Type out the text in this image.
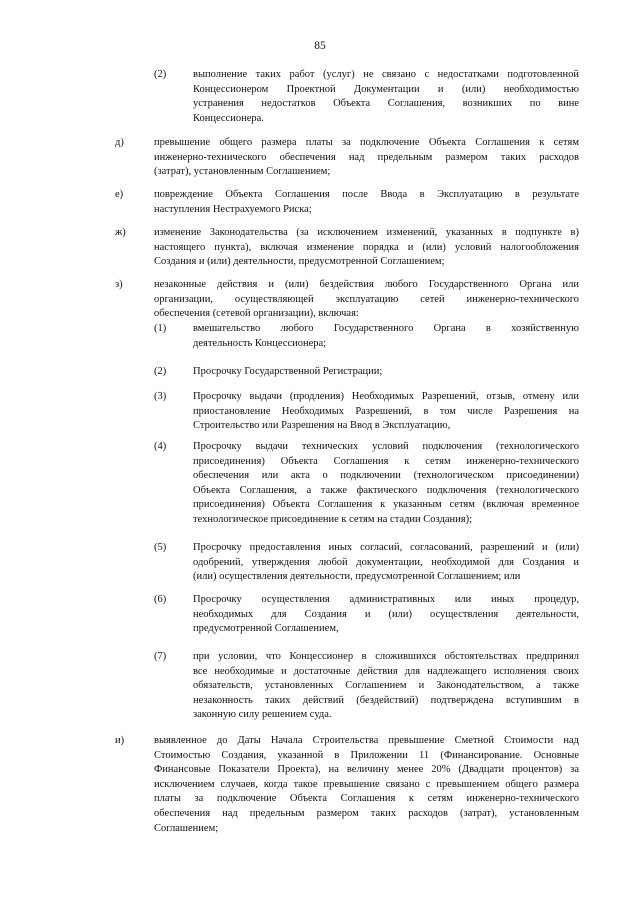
85
(2)	выполнение таких работ (услуг) не связано с недостатками подготовленной
Концессионером Проектной Документации и (или) необходимостью
устранения недостатков Объекта Соглашения, возникших по вине
Концессионера.
д)	превышение общего размера платы за подключение Объекта Соглашения к сетям
инженерно-технического обеспечения над предельным размером таких расходов
(затрат), установленным Соглашением;
е)	повреждение Объекта Соглашения после Ввода в Эксплуатацию в результате
наступления Нестрахуемого Риска;
ж)	изменение Законодательства (за исключением изменений, указанных в подпункте в)
настоящего пункта), включая изменение порядка и (или) условий налогообложения
Создания и (или) деятельности, предусмотренной Соглашением;
з)	незаконные действия и (или) бездействия любого Государственного Органа или
организации, осуществляющей эксплуатацию сетей инженерно-технического
обеспечения (сетевой организации), включая:
(1)	вмешательство любого Государственного Органа в хозяйственную
деятельность Концессионера;
(2)	Просрочку Государственной Регистрации;
(3)	Просрочку выдачи (продления) Необходимых Разрешений, отзыв, отмену или
приостановление Необходимых Разрешений, в том числе Разрешения на
Строительство или Разрешения на Ввод в Эксплуатацию,
(4)	Просрочку выдачи технических условий подключения (технологического
присоединения) Объекта Соглашения к сетям инженерно-технического
обеспечения или акта о подключении (технологическом присоединении)
Объекта Соглашения, а также фактического подключения (технологического
присоединения) Объекта Соглашения к указанным сетям (включая временное
технологическое присоединение к сетям на стадии Создания);
(5)	Просрочку предоставления иных согласий, согласований, разрешений и (или)
одобрений, утверждения любой документации, необходимой для Создания и
(или) осуществления деятельности, предусмотренной Соглашением; или
(6)	Просрочку осуществления административных или иных процедур,
необходимых для Создания и (или) осуществления деятельности,
предусмотренной Соглашением,
(7)	при условии, что Концессионер в сложившихся обстоятельствах предпринял
все необходимые и достаточные действия для надлежащего исполнения своих
обязательств, установленных Соглашением и Законодательством, а также
незаконность таких действий (бездействий) подтверждена вступившим в
законную силу решением суда.
и)	выявленное до Даты Начала Строительства превышение Сметной Стоимости над
Стоимостью Создания, указанной в Приложении 11 (Финансирование. Основные
Финансовые Показатели Проекта), на величину менее 20% (Двадцати процентов) за
исключением случаев, когда такое превышение связано с превышением общего размера
платы за подключение Объекта Соглашения к сетям инженерно-технического
обеспечения над предельным размером таких расходов (затрат), установленным
Соглашением;
